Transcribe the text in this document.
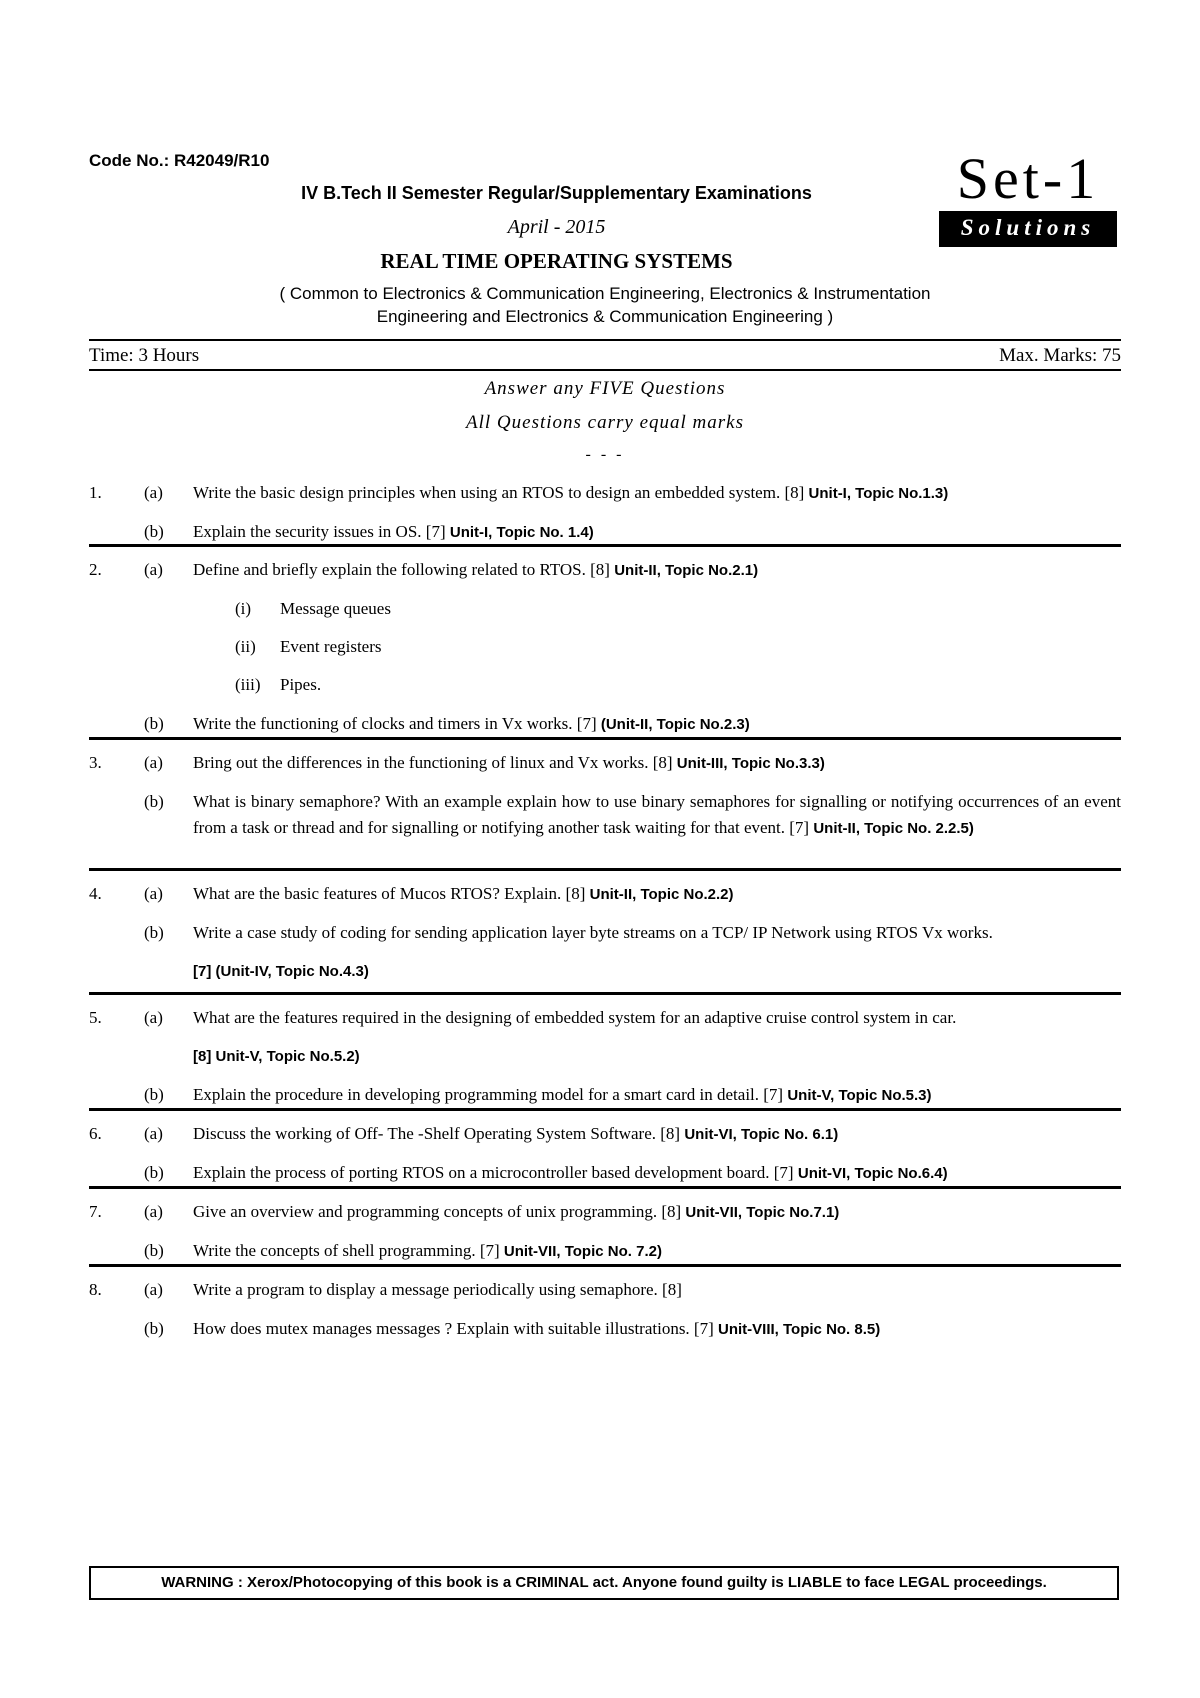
Code No.: R42049/R10
IV B.Tech II Semester Regular/Supplementary Examinations
April - 2015
REAL TIME OPERATING SYSTEMS
( Common to Electronics & Communication Engineering, Electronics & Instrumentation
Engineering and Electronics & Communication Engineering )
Set-1
Solutions
Time: 3 Hours	Max. Marks: 75
Answer any FIVE Questions
All Questions carry equal marks
- - -
1. (a) Write the basic design principles when using an RTOS to design an embedded system. [8] Unit-I, Topic No.1.3)
(b) Explain the security issues in OS. [7] Unit-I, Topic No. 1.4)
2. (a) Define and briefly explain the following related to RTOS. [8] Unit-II, Topic No.2.1)
(i) Message queues
(ii) Event registers
(iii) Pipes.
(b) Write the functioning of clocks and timers in Vx works. [7] (Unit-II, Topic No.2.3)
3. (a) Bring out the differences in the functioning of linux and Vx works. [8] Unit-III, Topic No.3.3)
(b) What is binary semaphore? With an example explain how to use binary semaphores for signalling or notifying occurrences of an event from a task or thread and for signalling or notifying another task waiting for that event. [7] Unit-II, Topic No. 2.2.5)
4. (a) What are the basic features of Mucos RTOS? Explain. [8] Unit-II, Topic No.2.2)
(b) Write a case study of coding for sending application layer byte streams on a TCP/ IP Network using RTOS Vx works.
[7] (Unit-IV, Topic No.4.3)
5. (a) What are the features required in the designing of embedded system for an adaptive cruise control system in car.
[8] Unit-V, Topic No.5.2)
(b) Explain the procedure in developing programming model for a smart card in detail. [7] Unit-V, Topic No.5.3)
6. (a) Discuss the working of Off- The -Shelf Operating System Software. [8] Unit-VI, Topic No. 6.1)
(b) Explain the process of porting RTOS on a microcontroller based development board. [7] Unit-VI, Topic No.6.4)
7. (a) Give an overview and programming concepts of unix programming. [8] Unit-VII, Topic No.7.1)
(b) Write the concepts of shell programming. [7] Unit-VII, Topic No. 7.2)
8. (a) Write a program to display a message periodically using semaphore. [8]
(b) How does mutex manages messages ? Explain with suitable illustrations. [7] Unit-VIII, Topic No. 8.5)
WARNING : Xerox/Photocopying of this book is a CRIMINAL act. Anyone found guilty is LIABLE to face LEGAL proceedings.
